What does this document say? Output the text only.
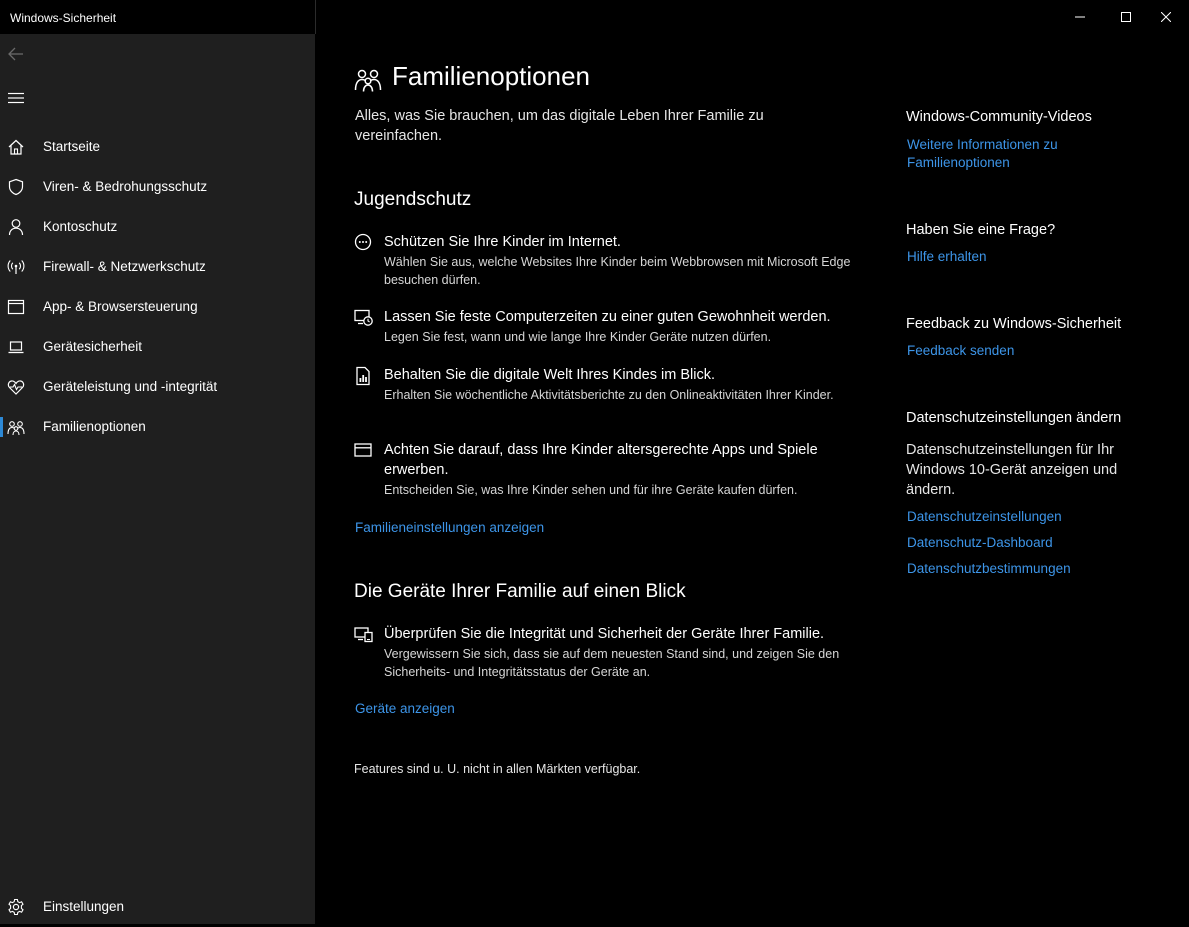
Windows-Sicherheit
Startseite
Viren- & Bedrohungsschutz
Kontoschutz
Firewall- & Netzwerkschutz
App- & Browsersteuerung
Gerätesicherheit
Geräteleistung und -integrität
Familienoptionen
Einstellungen
Familienoptionen
Alles, was Sie brauchen, um das digitale Leben Ihrer Familie zu vereinfachen.
Jugendschutz
Schützen Sie Ihre Kinder im Internet.
Wählen Sie aus, welche Websites Ihre Kinder beim Webbrowsen mit Microsoft Edge besuchen dürfen.
Lassen Sie feste Computerzeiten zu einer guten Gewohnheit werden.
Legen Sie fest, wann und wie lange Ihre Kinder Geräte nutzen dürfen.
Behalten Sie die digitale Welt Ihres Kindes im Blick.
Erhalten Sie wöchentliche Aktivitätsberichte zu den Onlineaktivitäten Ihrer Kinder.
Achten Sie darauf, dass Ihre Kinder altersgerechte Apps und Spiele erwerben.
Entscheiden Sie, was Ihre Kinder sehen und für ihre Geräte kaufen dürfen.
Familieneinstellungen anzeigen
Die Geräte Ihrer Familie auf einen Blick
Überprüfen Sie die Integrität und Sicherheit der Geräte Ihrer Familie.
Vergewissern Sie sich, dass sie auf dem neuesten Stand sind, und zeigen Sie den Sicherheits- und Integritätsstatus der Geräte an.
Geräte anzeigen
Features sind u. U. nicht in allen Märkten verfügbar.
Windows-Community-Videos
Weitere Informationen zu Familienoptionen
Haben Sie eine Frage?
Hilfe erhalten
Feedback zu Windows-Sicherheit
Feedback senden
Datenschutzeinstellungen ändern
Datenschutzeinstellungen für Ihr Windows 10-Gerät anzeigen und ändern.
Datenschutzeinstellungen
Datenschutz-Dashboard
Datenschutzbestimmungen
